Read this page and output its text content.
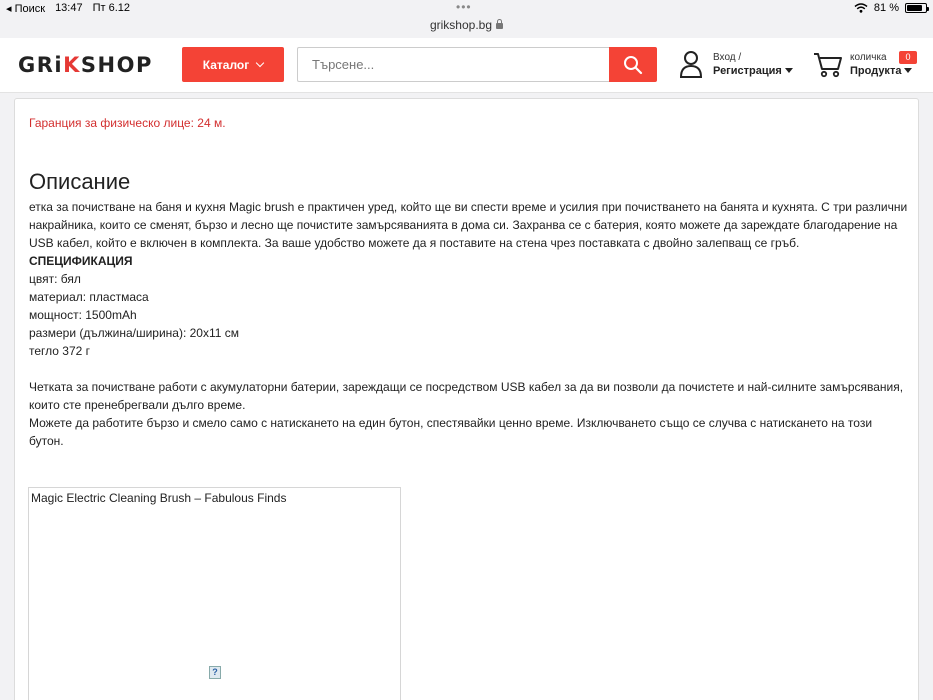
◂ Поиск 13:47 Пт 6.12	•••	81 %
grikshop.bg
GRiKSHOP	Каталог
Търсене...	Вход /
Регистрация
количка	0
Продукта
Гаранция за физическо лице: 24 м.
Описание
етка за почистване на баня и кухня Magic brush е практичен уред, който ще ви спести време и усилия при почистването на банята и кухнята. С три различни накрайника, които се сменят, бързо и лесно ще почистите замърсяванията в дома си. Захранва се с батерия, която можете да зареждате благодарение на USB кабел, който е включен в комплекта. За ваше удобство можете да я поставите на стена чрез поставката с двойно залепващ се гръб.
СПЕЦИФИКАЦИЯ
цвят: бял
материал: пластмаса
мощност: 1500mAh
размери (дължина/ширина): 20х11 см
тегло 372 г
Четката за почистване работи с акумулаторни батерии, зареждащи се посредством USB кабел за да ви позволи да почистете и най-силните замърсявания, които сте пренебрегвали дълго време.
Можете да работите бързо и смело само с натискането на един бутон, спестявайки ценно време. Изключването също се случва с натискането на този бутон.
Magic Electric Cleaning Brush – Fabulous Finds
?
